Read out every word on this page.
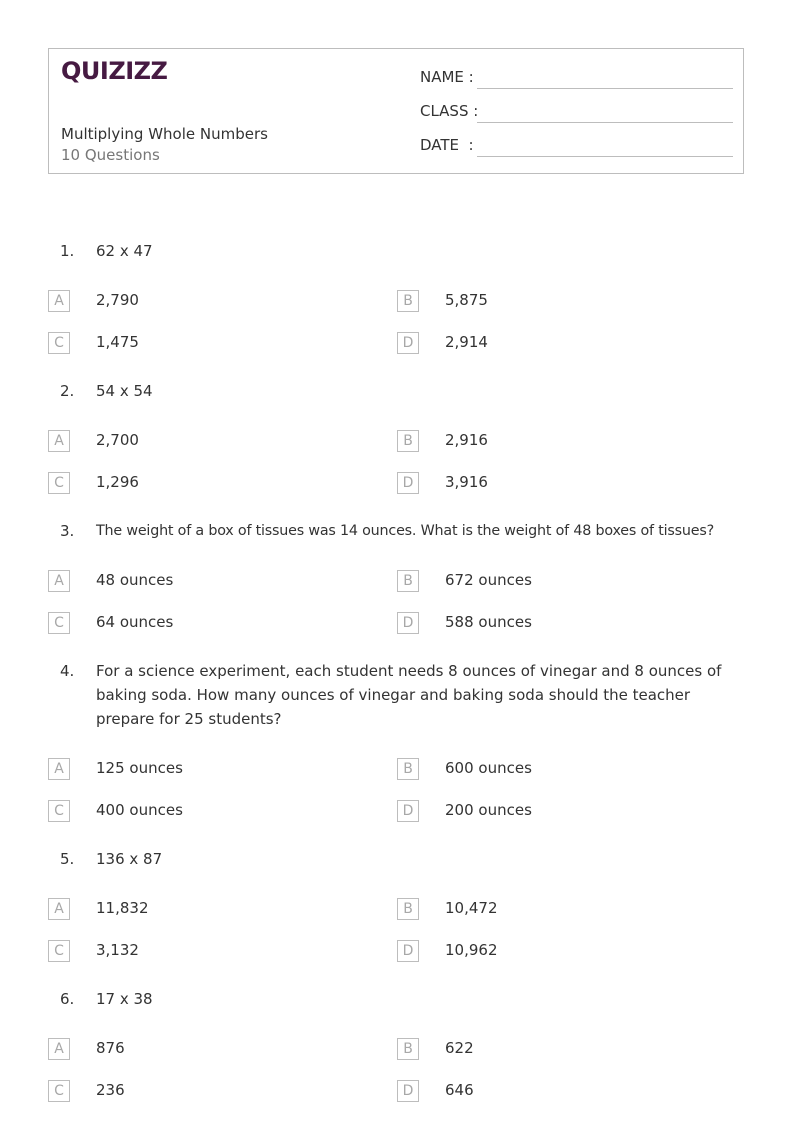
QUIZIZZ
Multiplying Whole Numbers
10 Questions
NAME :
CLASS :
DATE  :
1. 62 x 47
A	2,790	B	5,875
C	1,475	D	2,914
2. 54 x 54
A	2,700	B	2,916
C	1,296	D	3,916
3. The weight of a box of tissues was 14 ounces. What is the weight of 48 boxes of tissues?
A	48 ounces	B	672 ounces
C	64 ounces	D	588 ounces
4. For a science experiment, each student needs 8 ounces of vinegar and 8 ounces of baking soda. How many ounces of vinegar and baking soda should the teacher prepare for 25 students?
A	125 ounces	B	600 ounces
C	400 ounces	D	200 ounces
5. 136 x 87
A	11,832	B	10,472
C	3,132	D	10,962
6. 17 x 38
A	876	B	622
C	236	D	646
